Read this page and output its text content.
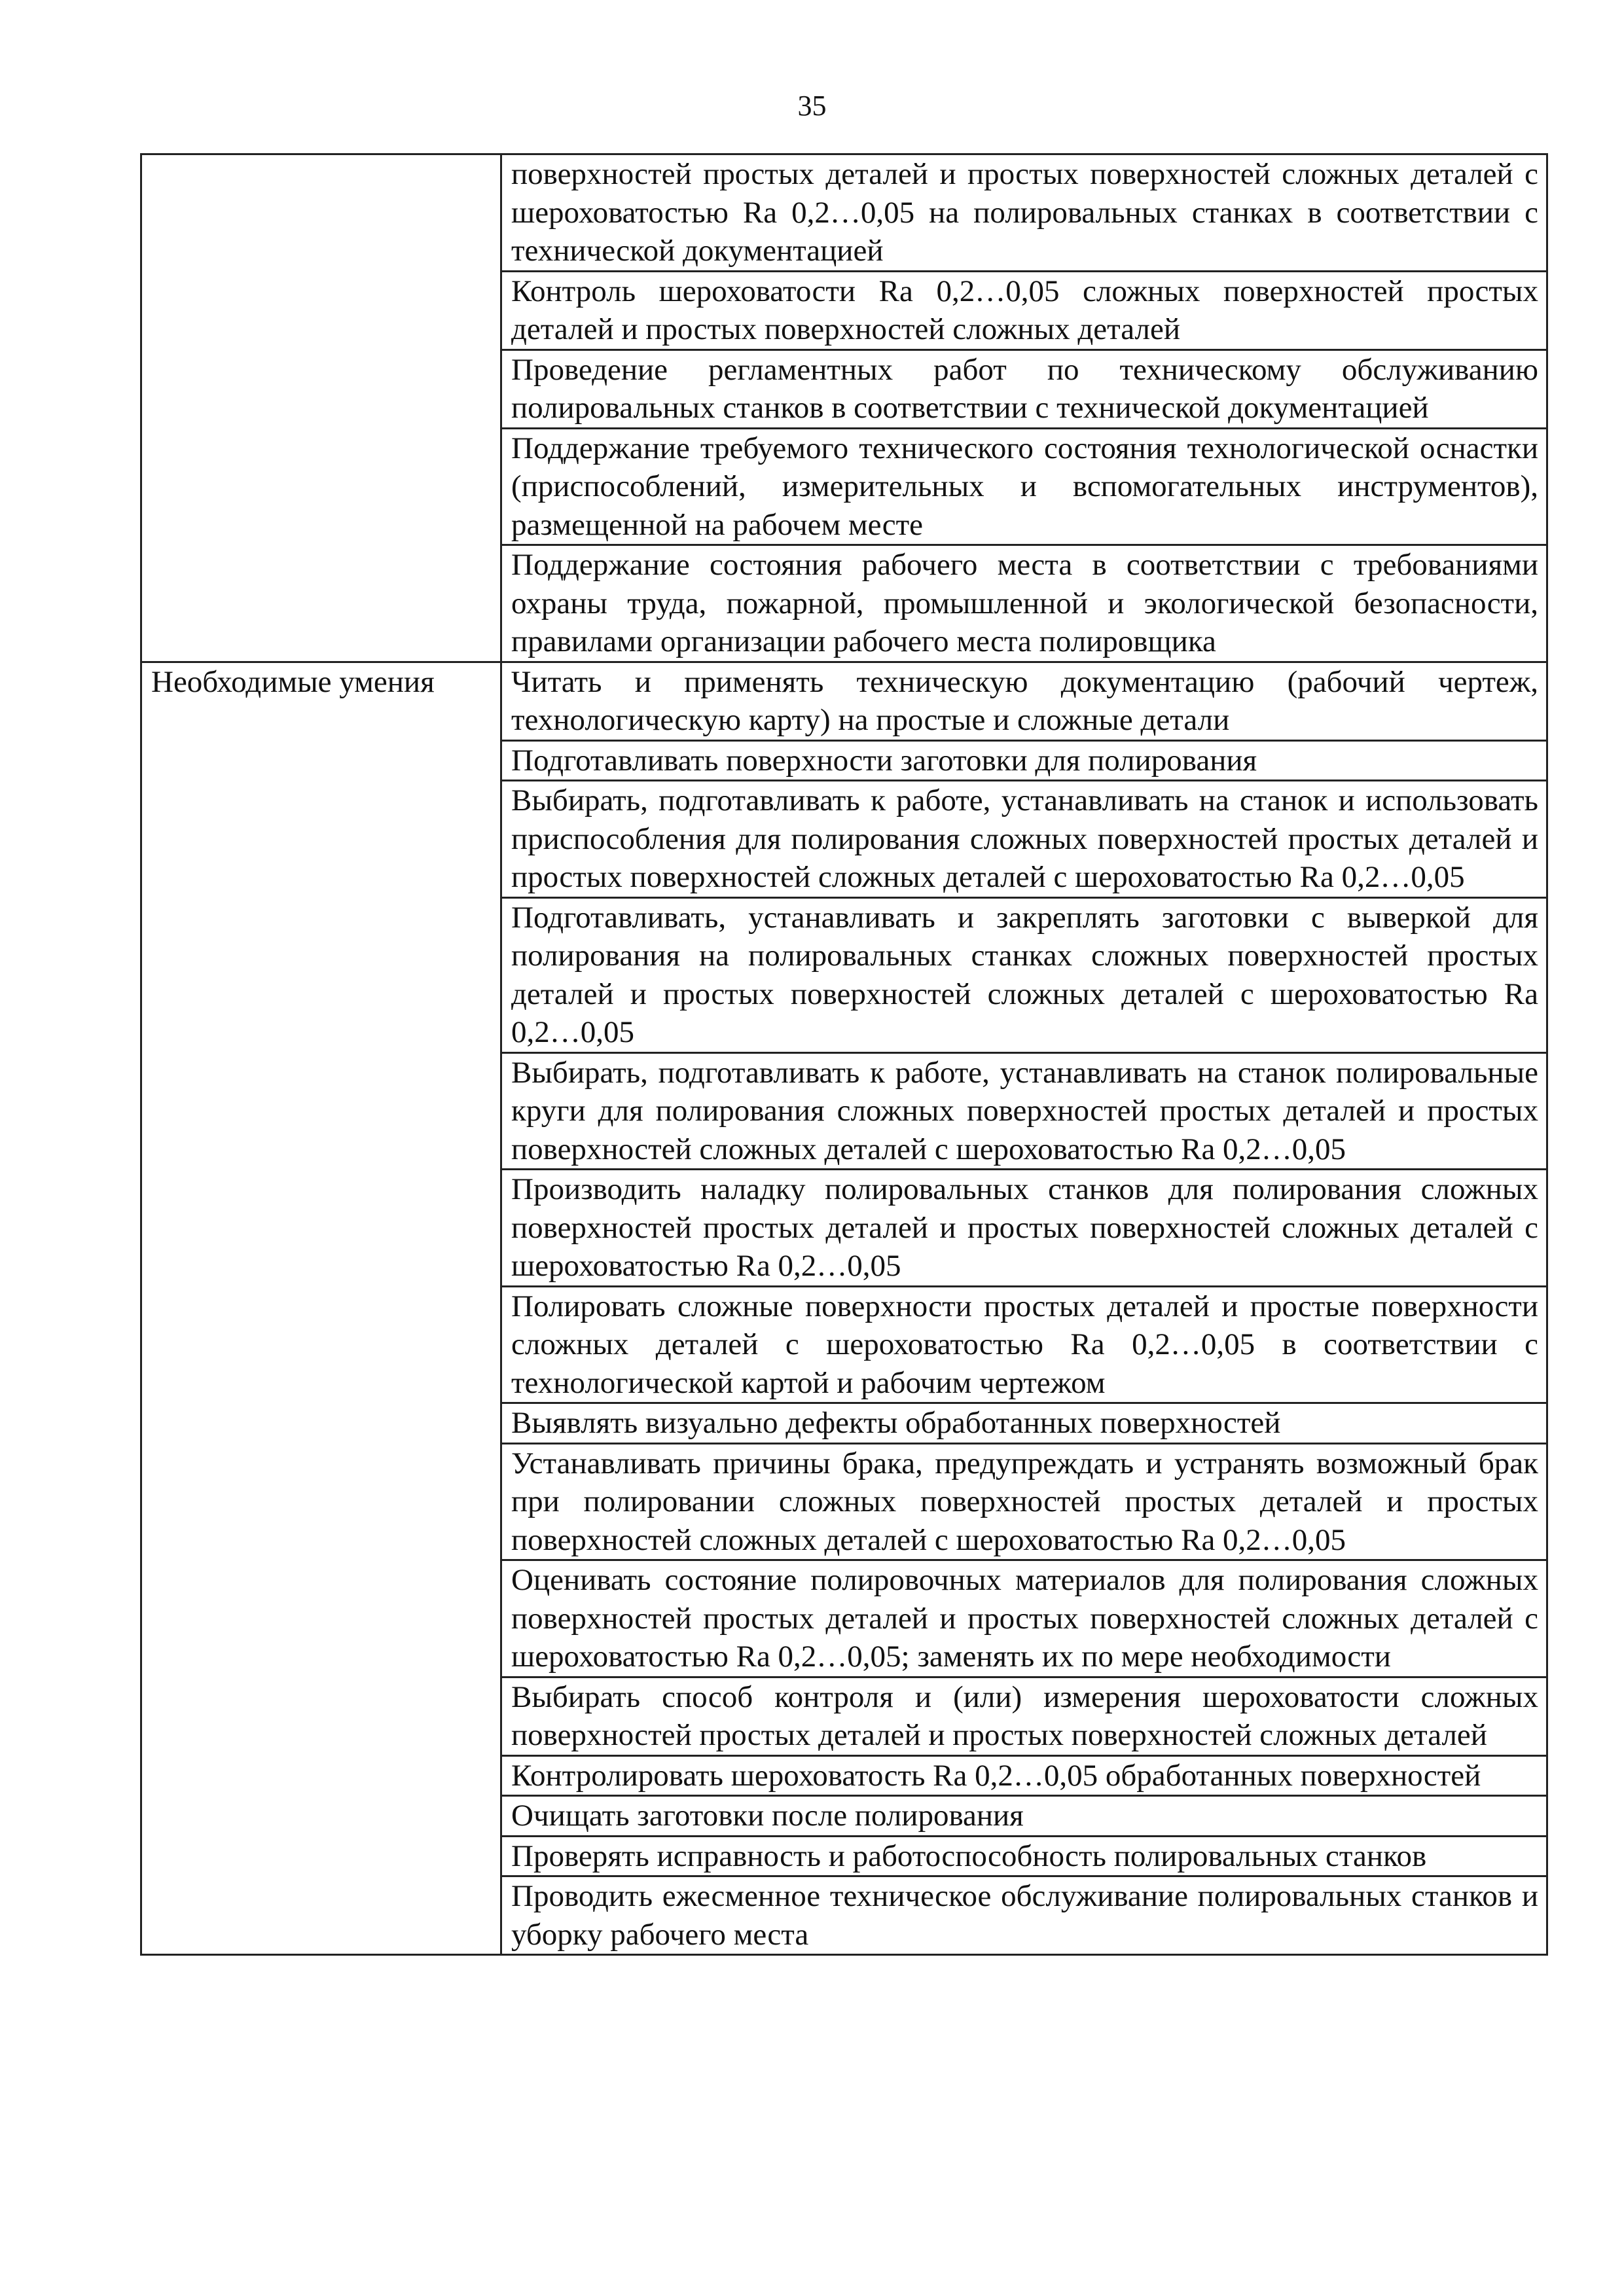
35
	поверхностей простых деталей и простых поверхностей сложных деталей с шероховатостью Ra 0,2…0,05 на полировальных станках в соответствии с технической документацией
	Контроль шероховатости Ra 0,2…0,05 сложных поверхностей простых деталей и простых поверхностей сложных деталей
	Проведение регламентных работ по техническому обслуживанию полировальных станков в соответствии с технической документацией
	Поддержание требуемого технического состояния технологической оснастки (приспособлений, измерительных и вспомогательных инструментов), размещенной на рабочем месте
	Поддержание состояния рабочего места в соответствии с требованиями охраны труда, пожарной, промышленной и экологической безопасности, правилами организации рабочего места полировщика
Необходимые умения	Читать и применять техническую документацию (рабочий чертеж, технологическую карту) на простые и сложные детали
	Подготавливать поверхности заготовки для полирования
	Выбирать, подготавливать к работе, устанавливать на станок и использовать приспособления для полирования сложных поверхностей простых деталей и простых поверхностей сложных деталей с шероховатостью Ra 0,2…0,05
	Подготавливать, устанавливать и закреплять заготовки с выверкой для полирования на полировальных станках сложных поверхностей простых деталей и простых поверхностей сложных деталей с шероховатостью Ra 0,2…0,05
	Выбирать, подготавливать к работе, устанавливать на станок полировальные круги для полирования сложных поверхностей простых деталей и простых поверхностей сложных деталей с шероховатостью Ra 0,2…0,05
	Производить наладку полировальных станков для полирования сложных поверхностей простых деталей и простых поверхностей сложных деталей с шероховатостью Ra 0,2…0,05
	Полировать сложные поверхности простых деталей и простые поверхности сложных деталей с шероховатостью Ra 0,2…0,05 в соответствии с технологической картой и рабочим чертежом
	Выявлять визуально дефекты обработанных поверхностей
	Устанавливать причины брака, предупреждать и устранять возможный брак при полировании сложных поверхностей простых деталей и простых поверхностей сложных деталей с шероховатостью Ra 0,2…0,05
	Оценивать состояние полировочных материалов для полирования сложных поверхностей простых деталей и простых поверхностей сложных деталей с шероховатостью Ra 0,2…0,05; заменять их по мере необходимости
	Выбирать способ контроля и (или) измерения шероховатости сложных поверхностей простых деталей и простых поверхностей сложных деталей
	Контролировать шероховатость Ra 0,2…0,05 обработанных поверхностей
	Очищать заготовки после полирования
	Проверять исправность и работоспособность полировальных станков
	Проводить ежесменное техническое обслуживание полировальных станков и уборку рабочего места
